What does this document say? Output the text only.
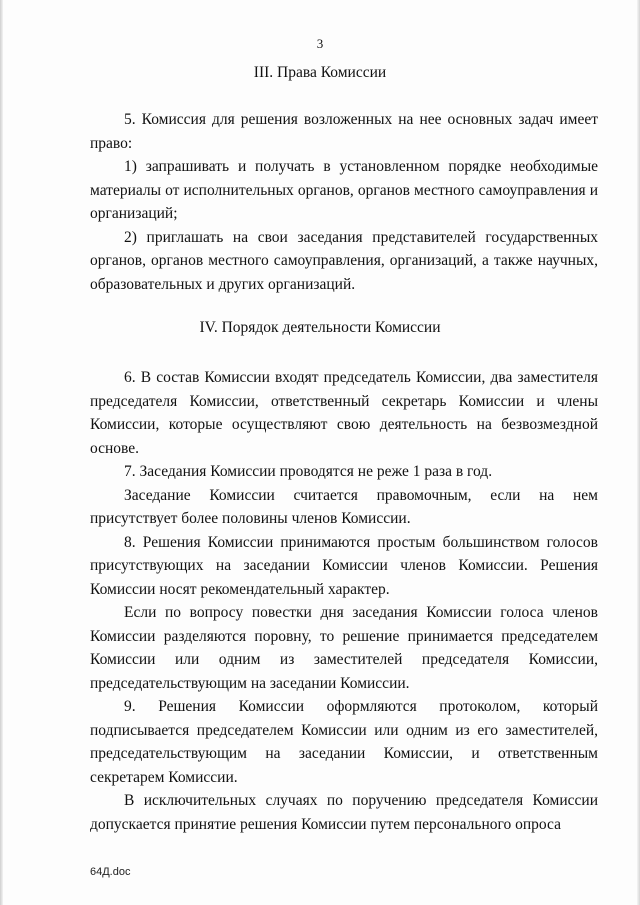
3
III. Права Комиссии

5. Комиссия для решения возложенных на нее основных задач имеет право:

1) запрашивать и получать в установленном порядке необходимые материалы от исполнительных органов, органов местного самоуправления и организаций;

2) приглашать на свои заседания представителей государственных органов, органов местного самоуправления, организаций, а также научных, образовательных и других организаций.

IV. Порядок деятельности Комиссии

6. В состав Комиссии входят председатель Комиссии, два заместителя председателя Комиссии, ответственный секретарь Комиссии и члены Комиссии, которые осуществляют свою деятельность на безвозмездной основе.

7. Заседания Комиссии проводятся не реже 1 раза в год.

Заседание Комиссии считается правомочным, если на нем присутствует более половины членов Комиссии.

8. Решения Комиссии принимаются простым большинством голосов присутствующих на заседании Комиссии членов Комиссии. Решения Комиссии носят рекомендательный характер.

Если по вопросу повестки дня заседания Комиссии голоса членов Комиссии разделяются поровну, то решение принимается председателем Комиссии или одним из заместителей председателя Комиссии, председательствующим на заседании Комиссии.

9. Решения Комиссии оформляются протоколом, который подписывается председателем Комиссии или одним из его заместителей, председательствующим на заседании Комиссии, и ответственным секретарем Комиссии.

В исключительных случаях по поручению председателя Комиссии допускается принятие решения Комиссии путем персонального опроса

64Д.doc
